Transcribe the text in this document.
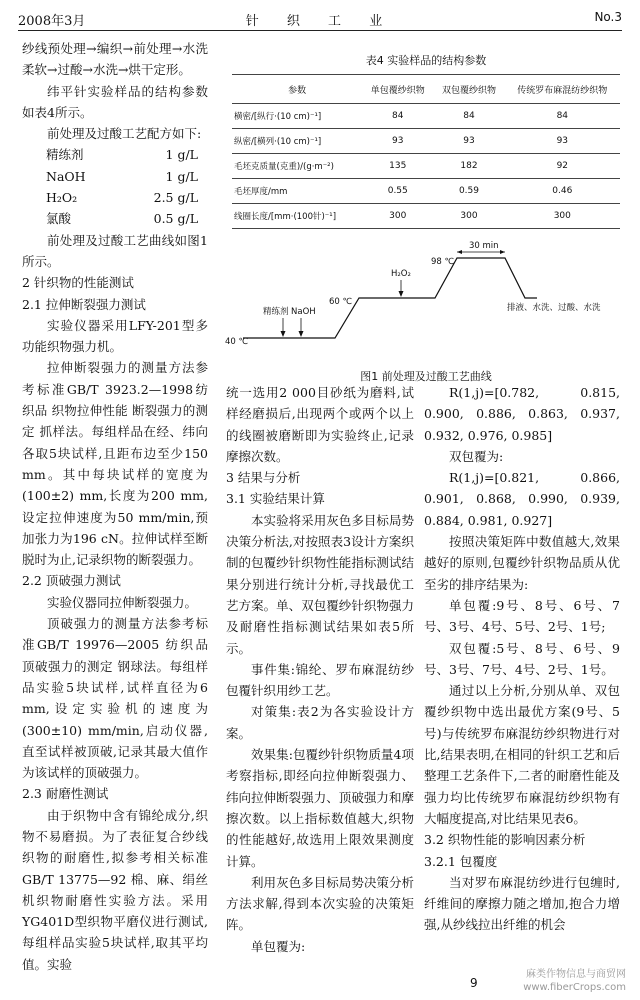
2008年3月	针 织 工 业	No.3

纱线预处理→编织→前处理→水洗柔软→过酸→水洗→烘干定形。

纬平针实验样品的结构参数如表4所示。

前处理及过酸工艺配方如下:

精练剂	1 g/L
NaOH	1 g/L
H₂O₂	2.5 g/L
氯酸	0.5 g/L

前处理及过酸工艺曲线如图1所示。

2 针织物的性能测试

2.1 拉伸断裂强力测试

实验仪器采用LFY-201型多功能织物强力机。

拉伸断裂强力的测量方法参考标准GB/T 3923.2—1998纺织品 织物拉伸性能 断裂强力的测定 抓样法。每组样品在经、纬向各取5块试样,且距布边至少150 mm。其中每块试样的宽度为(100±2) mm,长度为200 mm,设定拉伸速度为50 mm/min,预加张力为196 cN。拉伸试样至断脱时为止,记录织物的断裂强力。

2.2 顶破强力测试

实验仪器同拉伸断裂强力。

顶破强力的测量方法参考标准GB/T 19976—2005 纺织品 顶破强力的测定 钢球法。每组样品实验5块试样,试样直径为6 mm,设定实验机的速度为(300±10) mm/min,启动仪器,直至试样被顶破,记录其最大值作为该试样的顶破强力。

2.3 耐磨性测试

由于织物中含有锦纶成分,织物不易磨损。为了表征复合纱线织物的耐磨性,拟参考相关标准GB/T 13775—92 棉、麻、绢丝机织物耐磨性实验方法。采用YG401D型织物平磨仪进行测试,每组样品实验5块试样,取其平均值。实验

表4 实验样品的结构参数
参数	单包覆纱织物	双包覆纱织物	传统罗布麻混纺纱织物
横密/[纵行·(10 cm)⁻¹]	84	84	84
纵密/[横列·(10 cm)⁻¹]	93	93	93
毛坯克质量(克重)/(g·m⁻²)	135	182	92
毛坯厚度/mm	0.55	0.59	0.46
线圈长度/[mm·(100针)⁻¹]	300	300	300
40 ℃
60 ℃
98 ℃
30 min
精练剂 NaOH
H₂O₂
排液、水洗、过酸、水洗
图1 前处理及过酸工艺曲线

统一选用2 000目砂纸为磨料,试样经磨损后,出现两个或两个以上的线圈被磨断即为实验终止,记录摩擦次数。

3 结果与分析

3.1 实验结果计算

本实验将采用灰色多目标局势决策分析法,对按照表3设计方案织制的包覆纱针织物性能指标测试结果分别进行统计分析,寻找最优工艺方案。单、双包覆纱针织物强力及耐磨性指标测试结果如表5所示。

事件集:锦纶、罗布麻混纺纱包覆针织用纱工艺。

对策集:表2为各实验设计方案。

效果集:包覆纱针织物质量4项考察指标,即经向拉伸断裂强力、纬向拉伸断裂强力、顶破强力和摩擦次数。以上指标数值越大,织物的性能越好,故选用上限效果测度计算。

利用灰色多目标局势决策分析方法求解,得到本次实验的决策矩阵。

单包覆为:

R(1,j)=[0.782, 0.815, 0.900, 0.886, 0.863, 0.937, 0.932, 0.976, 0.985]

双包覆为:

R(1,j)=[0.821, 0.866, 0.901, 0.868, 0.990, 0.939, 0.884, 0.981, 0.927]

按照决策矩阵中数值越大,效果越好的原则,包覆纱针织物品质从优至劣的排序结果为:

单包覆:9号、8号、6号、7号、3号、4号、5号、2号、1号;

双包覆:5号、8号、6号、9号、3号、7号、4号、2号、1号。

通过以上分析,分别从单、双包覆纱织物中选出最优方案(9号、5号)与传统罗布麻混纺纱织物进行对比,结果表明,在相同的针织工艺和后整理工艺条件下,二者的耐磨性能及强力均比传统罗布麻混纺纱织物有大幅度提高,对比结果见表6。

3.2 织物性能的影响因素分析

3.2.1 包覆度

当对罗布麻混纺纱进行包缠时,纤维间的摩擦力随之增加,抱合力增强,从纱线拉出纤维的机会

9
麻类作物信息与商贸网 www.fiberCrops.com
